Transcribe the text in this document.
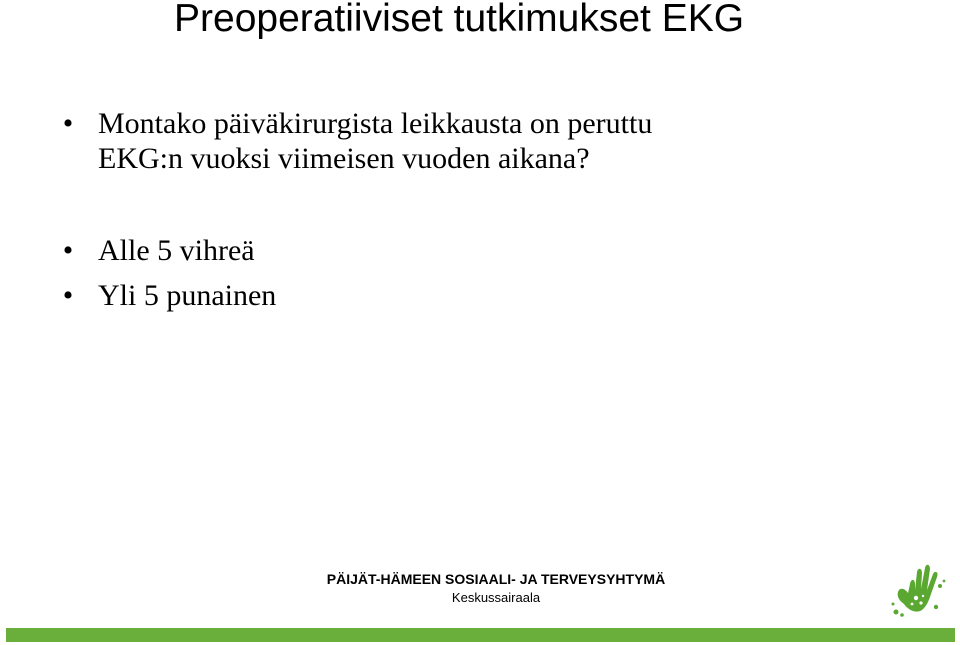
Preoperatiiviset tutkimukset EKG
• Montako päiväkirurgista leikkausta on peruttu EKG:n vuoksi viimeisen vuoden aikana?
• Alle 5 vihreä
• Yli 5 punainen
PÄIJÄT-HÄMEEN SOSIAALI- JA TERVEYSYHTYMÄ
Keskussairaala
